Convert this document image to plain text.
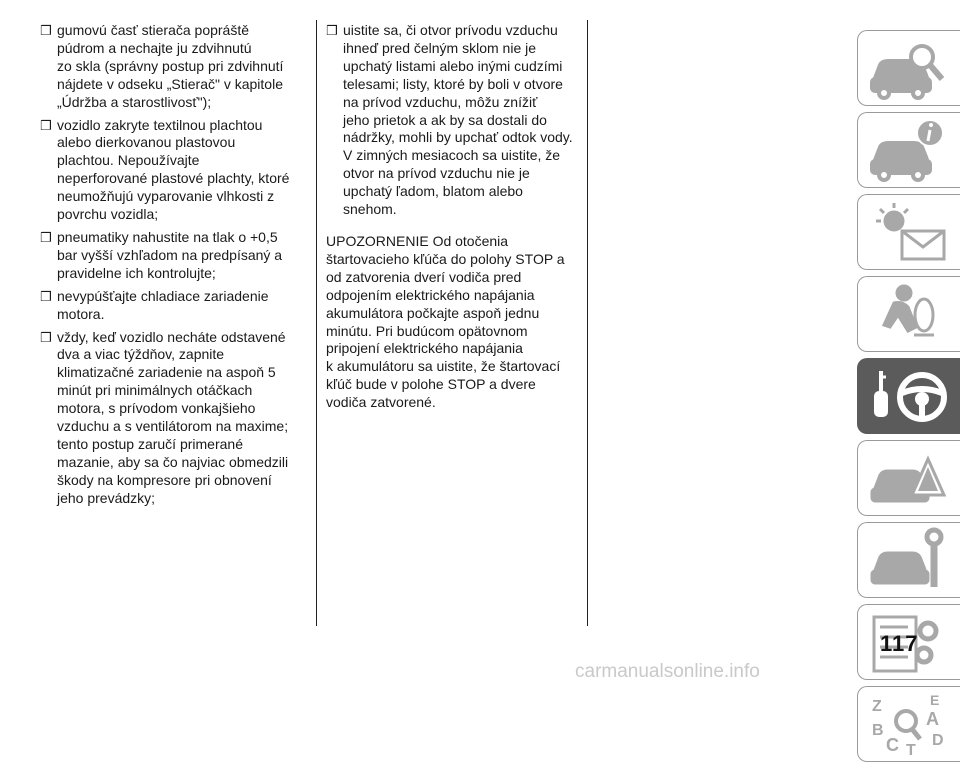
❒ gumovú časť stierača popráště
púdrom a nechajte ju zdvihnutú
zo skla (správny postup pri zdvihnutí
nájdete v odseku „Stierač" v kapitole
„Údržba a starostlivosť");
❒ vozidlo zakryte textilnou plachtou
alebo dierkovanou plastovou
plachtou. Nepoužívajte
neperforované plastové plachty, ktoré
neumožňujú vyparovanie vlhkosti z
povrchu vozidla;
❒ pneumatiky nahustite na tlak o +0,5
bar vyšší vzhľadom na predpísaný a
pravidelne ich kontrolujte;
❒ nevypúšťajte chladiace zariadenie
motora.
❒ vždy, keď vozidlo necháte odstavené
dva a viac týždňov, zapnite
klimatizačné zariadenie na aspoň 5
minút pri minimálnych otáčkach
motora, s prívodom vonkajšieho
vzduchu a s ventilátorom na maxime;
tento postup zaručí primerané
mazanie, aby sa čo najviac obmedzili
škody na kompresore pri obnovení
jeho prevádzky;
❒ uistite sa, či otvor prívodu vzduchu
ihneď pred čelným sklom nie je
upchatý listami alebo inými cudzími
telesami; listy, ktoré by boli v otvore
na prívod vzduchu, môžu znížiť
jeho prietok a ak by sa dostali do
nádržky, mohli by upchať odtok vody.
V zimných mesiacoch sa uistite, že
otvor na prívod vzduchu nie je
upchatý ľadom, blatom alebo
snehom.
UPOZORNENIE Od otočenia
štartovacieho kľúča do polohy STOP a
od zatvorenia dverí vodiča pred
odpojením elektrického napájania
akumulátora počkajte aspoň jednu
minútu. Pri budúcom opätovnom
pripojení elektrického napájania
k akumulátoru sa uistite, že štartovací
kľúč bude v polohe STOP a dvere
vodiča zatvorené.
Z	E
B
A
C T
D
117
carmanualsonline.info
